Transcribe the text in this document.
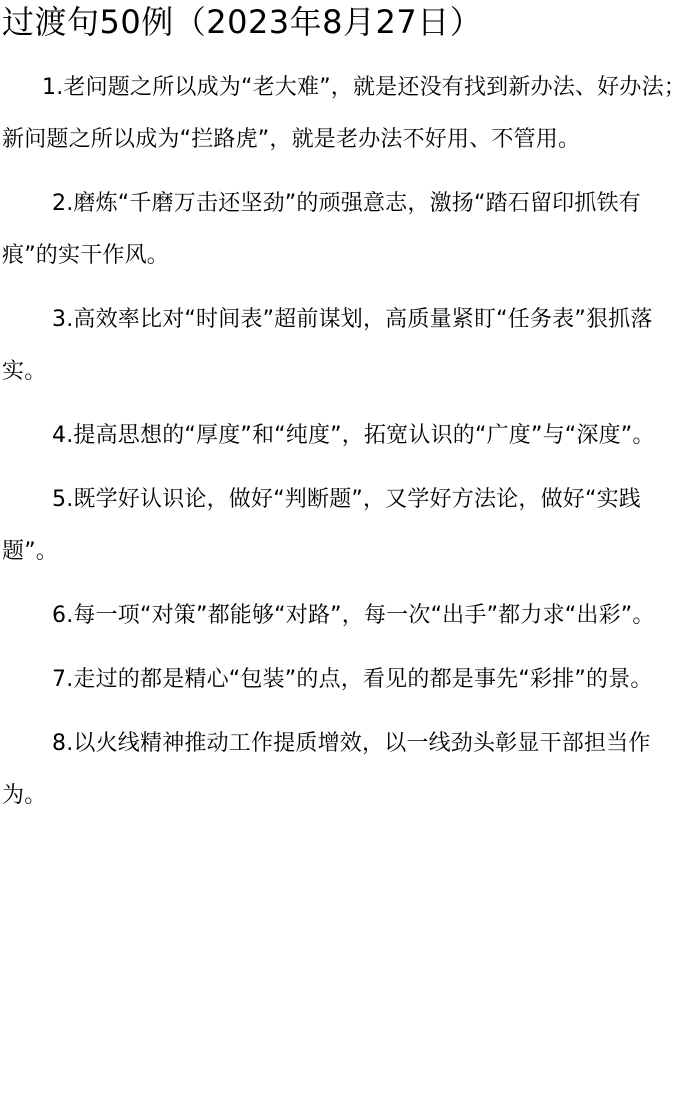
过渡句50例（2023年8月27日）
1.老问题之所以成为“老大难”，就是还没有找到新办法、好办法；新问题之所以成为“拦路虎”，就是老办法不好用、不管用。
2.磨炼“千磨万击还坚劲”的顽强意志，激扬“踏石留印抓铁有痕”的实干作风。
3.高效率比对“时间表”超前谋划，高质量紧盯“任务表”狠抓落实。
4.提高思想的“厚度”和“纯度”，拓宽认识的“广度”与“深度”。
5.既学好认识论，做好“判断题”，又学好方法论，做好“实践题”。
6.每一项“对策”都能够“对路”，每一次“出手”都力求“出彩”。
7.走过的都是精心“包装”的点，看见的都是事先“彩排”的景。
8.以火线精神推动工作提质增效，以一线劲头彰显干部担当作为。
